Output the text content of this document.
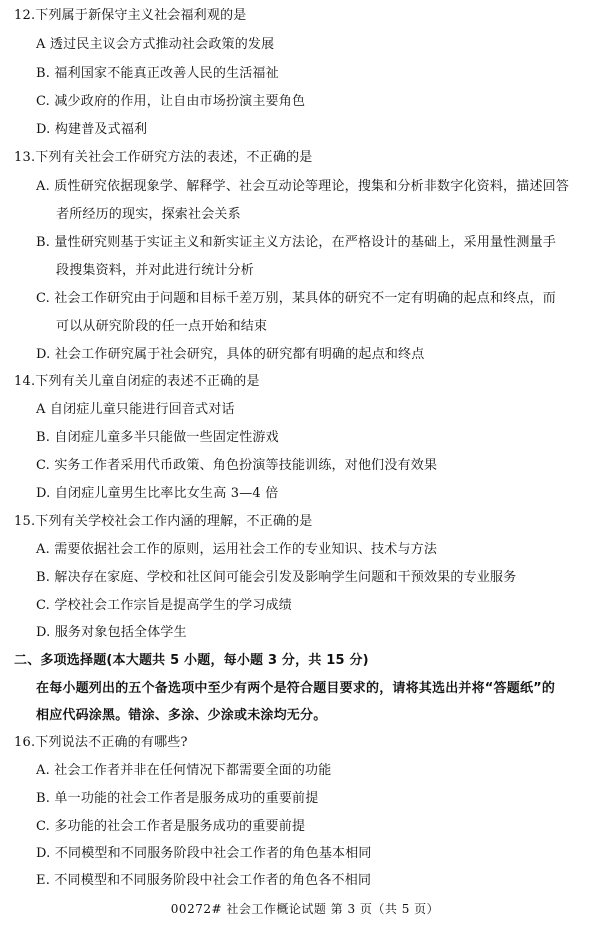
12.下列属于新保守主义社会福利观的是
A 透过民主议会方式推动社会政策的发展
B. 福利国家不能真正改善人民的生活福祉
C. 减少政府的作用，让自由市场扮演主要角色
D. 构建普及式福利
13.下列有关社会工作研究方法的表述，不正确的是
A. 质性研究依据现象学、解释学、社会互动论等理论，搜集和分析非数字化资料，描述回答
者所经历的现实，探索社会关系
B. 量性研究则基于实证主义和新实证主义方法论，在严格设计的基础上，采用量性测量手
段搜集资料，并对此进行统计分析
C. 社会工作研究由于问题和目标千差万别，某具体的研究不一定有明确的起点和终点，而
可以从研究阶段的任一点开始和结束
D. 社会工作研究属于社会研究，具体的研究都有明确的起点和终点
14.下列有关儿童自闭症的表述不正确的是
A 自闭症儿童只能进行回音式对话
B. 自闭症儿童多半只能做一些固定性游戏
C. 实务工作者采用代币政策、角色扮演等技能训练，对他们没有效果
D. 自闭症儿童男生比率比女生高 3—4 倍
15.下列有关学校社会工作内涵的理解，不正确的是
A. 需要依据社会工作的原则，运用社会工作的专业知识、技术与方法
B. 解决存在家庭、学校和社区间可能会引发及影响学生问题和干预效果的专业服务
C. 学校社会工作宗旨是提高学生的学习成绩
D. 服务对象包括全体学生
二、多项选择题(本大题共 5 小题，每小题 3 分，共 15 分)
在每小题列出的五个备选项中至少有两个是符合题目要求的，请将其选出并将“答题纸”的
相应代码涂黑。错涂、多涂、少涂或未涂均无分。
16.下列说法不正确的有哪些?
A. 社会工作者并非在任何情况下都需要全面的功能
B. 单一功能的社会工作者是服务成功的重要前提
C. 多功能的社会工作者是服务成功的重要前提
D. 不同模型和不同服务阶段中社会工作者的角色基本相同
E. 不同模型和不同服务阶段中社会工作者的角色各不相同
00272# 社会工作概论试题 第 3 页（共 5 页）
